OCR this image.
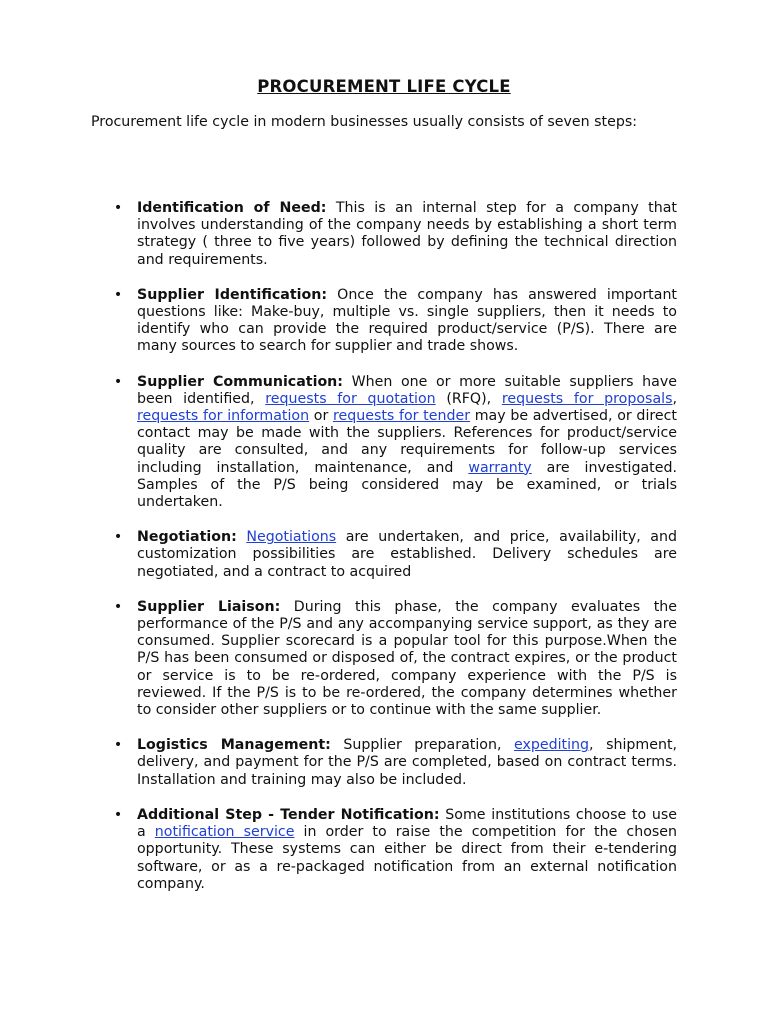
PROCUREMENT LIFE CYCLE
Procurement life cycle in modern businesses usually consists of seven steps:
• Identification of Need: This is an internal step for a company that involves understanding of the company needs by establishing a short term strategy ( three to five years) followed by defining the technical direction and requirements.
• Supplier Identification: Once the company has answered important questions like: Make-buy, multiple vs. single suppliers, then it needs to identify who can provide the required product/service (P/S). There are many sources to search for supplier and trade shows.
• Supplier Communication: When one or more suitable suppliers have been identified, requests for quotation (RFQ), requests for proposals, requests for information or requests for tender may be advertised, or direct contact may be made with the suppliers. References for product/service quality are consulted, and any requirements for follow-up services including installation, maintenance, and warranty are investigated. Samples of the P/S being considered may be examined, or trials undertaken.
• Negotiation: Negotiations are undertaken, and price, availability, and customization possibilities are established. Delivery schedules are negotiated, and a contract to acquired
• Supplier Liaison: During this phase, the company evaluates the performance of the P/S and any accompanying service support, as they are consumed. Supplier scorecard is a popular tool for this purpose.When the P/S has been consumed or disposed of, the contract expires, or the product or service is to be re-ordered, company experience with the P/S is reviewed. If the P/S is to be re-ordered, the company determines whether to consider other suppliers or to continue with the same supplier.
• Logistics Management: Supplier preparation, expediting, shipment, delivery, and payment for the P/S are completed, based on contract terms. Installation and training may also be included.
• Additional Step - Tender Notification: Some institutions choose to use a notification service in order to raise the competition for the chosen opportunity. These systems can either be direct from their e-tendering software, or as a re-packaged notification from an external notification company.
